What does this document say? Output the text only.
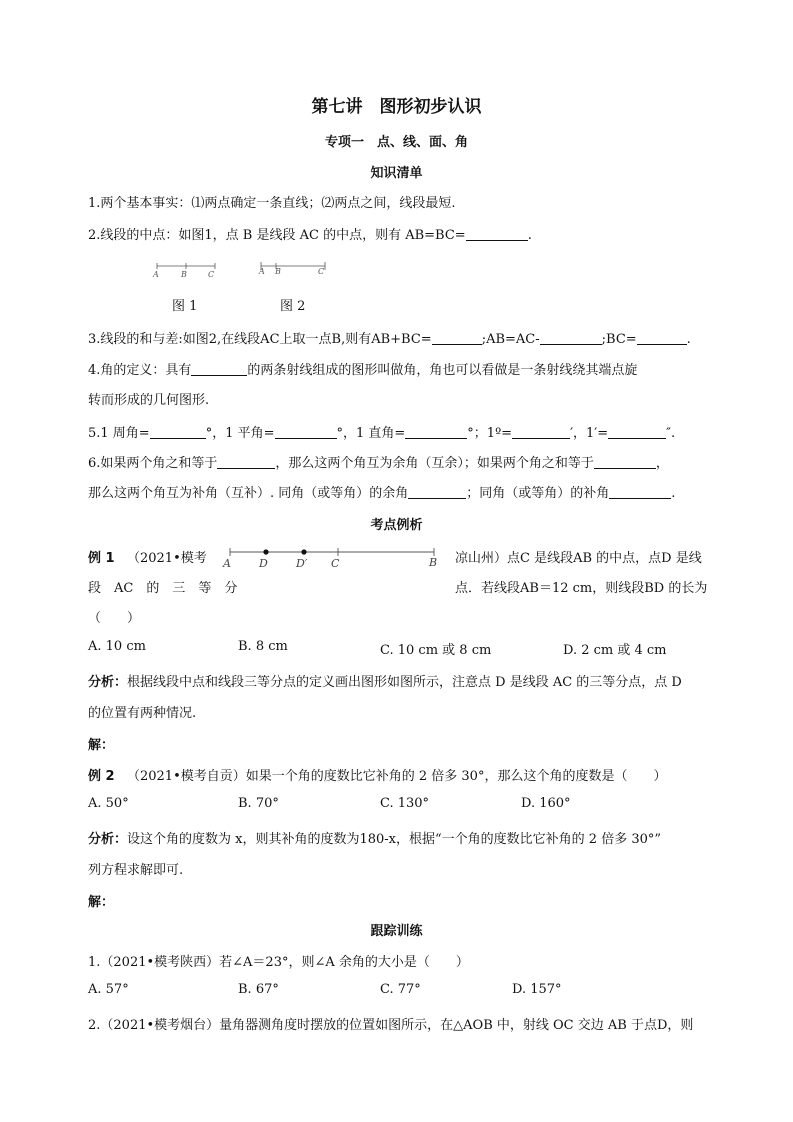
第七讲　图形初步认识
专项一　点、线、面、角
知识清单
1.两个基本事实：⑴两点确定一条直线；⑵两点之间，线段最短.
2.线段的中点：如图1，点 B 是线段 AC 的中点，则有 AB=BC=	.
A	B	C	A B	C
图 1	图 2
3.线段的和与差:如图2,在线段AC上取一点B,则有AB+BC=	;AB=AC-	;BC=	.
4.角的定义：具有	的两条射线组成的图形叫做角，角也可以看做是一条射线绕其端点旋
转而形成的几何图形.
5.1 周角=	°，1 平角=	°，1 直角=	°；1º=	′，1′=	″.
6.如果两个角之和等于	，那么这两个角互为余角（互余）；如果两个角之和等于	，
那么这两个角互为补角（互补）. 同角（或等角）的余角	；同角（或等角）的补角	.
考点例析
例 1 （2021•模考	凉山州）点C 是线段AB 的中点，点D 是线
A	D	D′ C	B
段　AC　的　三　等　分	点．若线段AB＝12 cm，则线段BD 的长为
（　　）
A. 10 cm	B. 8 cm	C. 10 cm 或 8 cm	D. 2 cm 或 4 cm
分析：根据线段中点和线段三等分点的定义画出图形如图所示，注意点 D 是线段 AC 的三等分点，点 D
的位置有两种情况.
解：
例 2 （2021•模考自贡）如果一个角的度数比它补角的 2 倍多 30°，那么这个角的度数是（　　）
A. 50°	B. 70°	C. 130°	D. 160°
分析：设这个角的度数为 x，则其补角的度数为180-x，根据“一个角的度数比它补角的 2 倍多 30°”
列方程求解即可.
解：
跟踪训练
1.（2021•模考陕西）若∠A＝23°，则∠A 余角的大小是（　　）
A. 57°	B. 67°	C. 77°	D. 157°
2.（2021•模考烟台）量角器测角度时摆放的位置如图所示，在△AOB 中，射线 OC 交边 AB 于点D，则
